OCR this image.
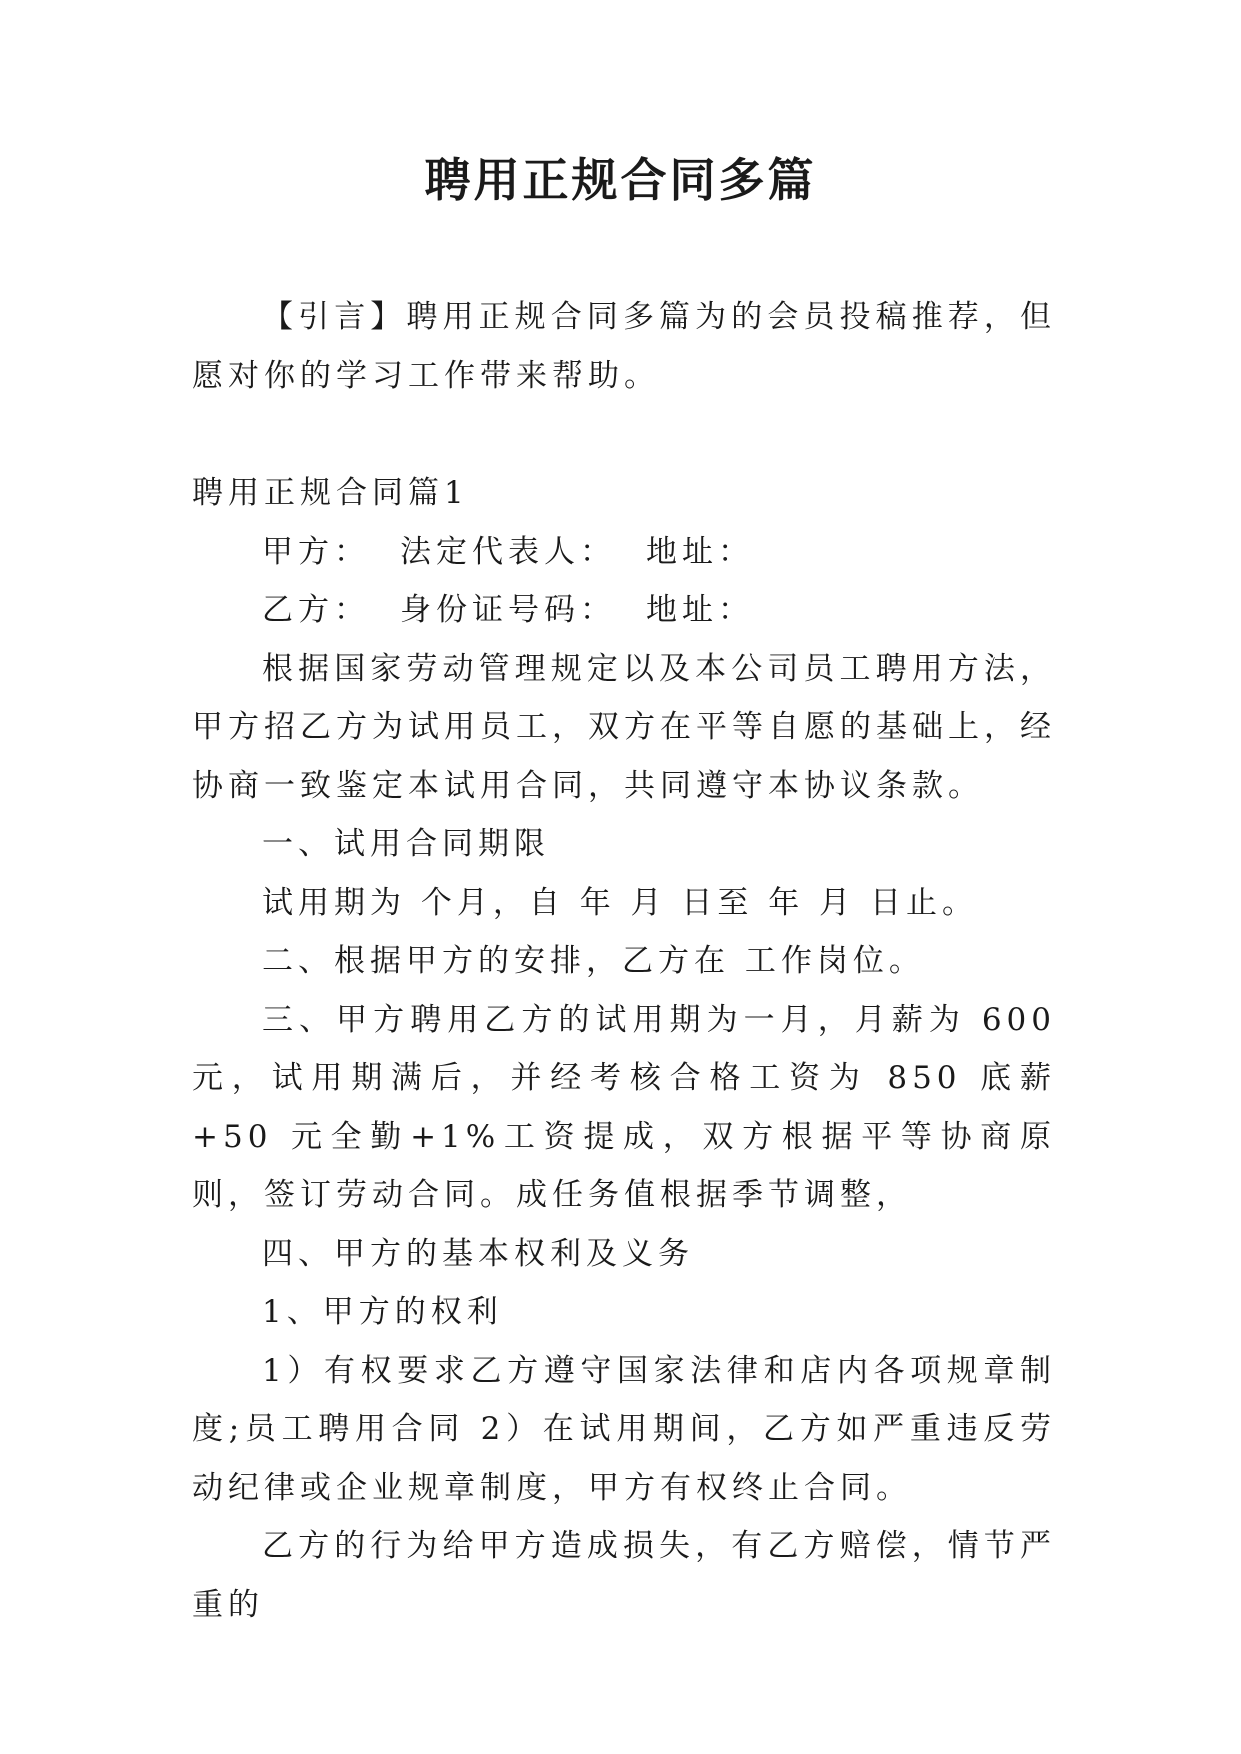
聘用正规合同多篇

【引言】聘用正规合同多篇为的会员投稿推荐，但愿对你的学习工作带来帮助。

聘用正规合同篇1

甲方： 法定代表人： 地址：

乙方： 身份证号码： 地址：

根据国家劳动管理规定以及本公司员工聘用方法，甲方招乙方为试用员工，双方在平等自愿的基础上，经协商一致鉴定本试用合同，共同遵守本协议条款。

一、试用合同期限

试用期为 个月，自 年 月 日至 年 月 日止。

二、根据甲方的安排，乙方在 工作岗位。

三、甲方聘用乙方的试用期为一月，月薪为 600 元，试用期满后，并经考核合格工资为 850 底薪+50 元全勤+1%工资提成，双方根据平等协商原则，签订劳动合同。成任务值根据季节调整，

四、甲方的基本权利及义务

1、甲方的权利

1）有权要求乙方遵守国家法律和店内各项规章制度;员工聘用合同 2）在试用期间，乙方如严重违反劳动纪律或企业规章制度，甲方有权终止合同。

乙方的行为给甲方造成损失，有乙方赔偿，情节严重的
